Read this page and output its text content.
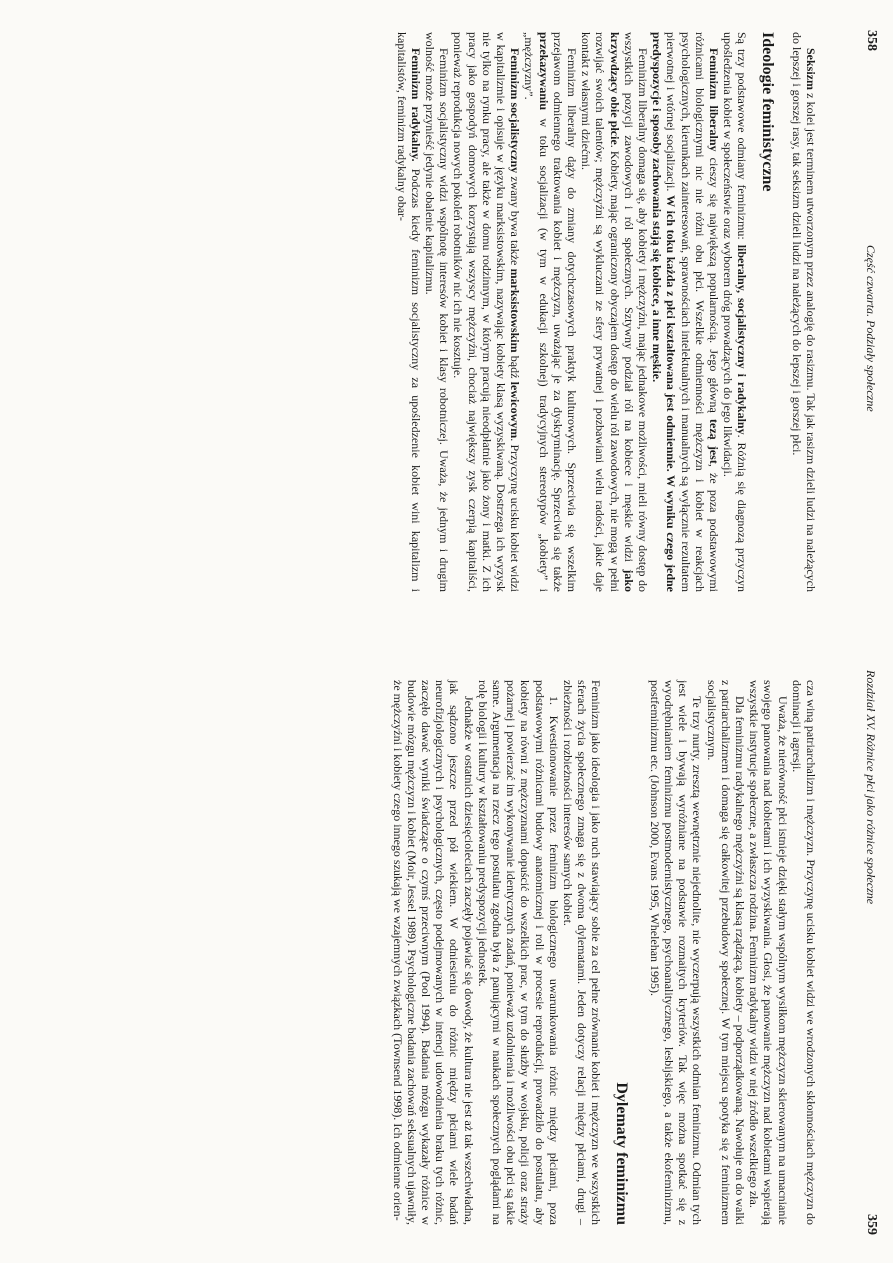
358
Część czwarta. Podziały społeczne

Seksizm z kolei jest terminem utworzonym przez analogię do rasizmu. Tak jak rasizm dzieli ludzi na należących do lepszej i gorszej rasy, tak seksizm dzieli ludzi na należących do lepszej i gorszej płci.

Ideologie feministyczne

Są trzy podstawowe odmiany feminizmu: liberalny, socjalistyczny i radykalny. Różnią się diagnozą przyczyn upośledzenia kobiet w społeczeństwie oraz wyborem dróg prowadzących do jego likwidacji.

Feminizm liberalny cieszy się największą popularnością. Jego główną tezą jest, że poza podstawowymi różnicami biologicznymi nic nie różni obu płci. Wszelkie odmienności mężczyzn i kobiet w reakcjach psychologicznych, kierunkach zainteresowań, sprawnościach intelektualnych i manualnych są wyłącznie rezultatem pierwotnej i wtórnej socjalizacji. W ich toku każda z płci kształtowana jest odmiennie. W wyniku czego jedne predyspozycje i sposoby zachowania stają się kobiece, a inne męskie.

Feminizm liberalny domaga się, aby kobiety i mężczyźni, mając jednakowe możliwości, mieli równy dostęp do wszystkich pozycji zawodowych i ról społecznych. Sztywny podział ról na kobiece i męskie widzi jako krzywdzący obie płcie. Kobiety, mając ograniczony obyczajem dostęp do wielu ról zawodowych, nie mogą w pełni rozwijać swoich talentów; mężczyźni są wykluczani ze sfery prywatnej i pozbawiani wielu radości, jakie daje kontakt z własnymi dziećmi.

Feminizm liberalny dąży do zmiany dotychczasowych praktyk kulturowych. Sprzeciwia się wszelkim przejawom odmiennego traktowania kobiet i mężczyzn, uważając je za dyskryminację. Sprzeciwia się także przekazywaniu w toku socjalizacji (w tym w edukacji szkolnej) tradycyjnych stereotypów „kobiety” i „mężczyzny”.

Feminizm socjalistyczny zwany bywa także marksistowskim bądź lewicowym. Przyczynę ucisku kobiet widzi w kapitalizmie i opisuje w języku marksistowskim, nazywając kobiety klasą wyzyskiwaną. Dostrzega ich wyzysk nie tylko na rynku pracy, ale także w domu rodzinnym, w którym pracują nieodpłatnie jako żony i matki. Z ich pracy jako gospodyń domowych korzystają wszyscy mężczyźni, chociaż największy zysk czerpią kapitaliści, ponieważ reprodukcja nowych pokoleń robotników nic ich nie kosztuje.

Feminizm socjalistyczny widzi wspólnotę interesów kobiet i klasy robotniczej. Uważa, że jednym i drugim wolność może przynieść jedynie obalenie kapitalizmu.

Feminizm radykalny. Podczas kiedy feminizm socjalistyczny za upośledzenie kobiet wini kapitalizm i kapitalistów, feminizm radykalny obar-

Rozdział XV. Różnice płci jako różnice społeczne
359

cza winą patriarchalizm i mężczyzn. Przyczynę ucisku kobiet widzi we wrodzonych skłonnościach mężczyzn do dominacji i agresji.

Uważa, że nierówność płci istnieje dzięki stałym wspólnym wysiłkom mężczyzn skierowanym na umacnianie swojego panowania nad kobietami i ich wyzyskiwania. Głosi, że panowanie mężczyzn nad kobietami wspierają wszystkie instytucje społeczne, a zwłaszcza rodzina. Feminizm radykalny widzi w niej źródło wszelkiego zła.

Dla feminizmu radykalnego mężczyźni są klasą rządzącą, kobiety – podporządkowaną. Nawołuje on do walki z patriarchalizmem i domaga się całkowitej przebudowy społecznej. W tym miejscu spotyka się z feminizmem socjalistycznym.

Te trzy nurty, zresztą wewnętrznie niejednolite, nie wyczerpują wszystkich odmian feminizmu. Odmian tych jest wiele i bywają wyróżniane na podstawie rozmaitych kryteriów. Tak więc można spotkać się z wyodrębnianiem feminizmu postmodernistycznego, psychoanalitycznego, lesbijskiego, a także ekofeminizmu, postfeminizmu etc. (Johnson 2000, Evans 1995, Whelehan 1995).

Dylematy feminizmu

Feminizm jako ideologia i jako ruch stawiający sobie za cel pełne zrównanie kobiet i mężczyzn we wszystkich sferach życia społecznego zmaga się z dwoma dylematami. Jeden dotyczy relacji między płciami, drugi – zbieżności i rozbieżności interesów samych kobiet.

1. Kwestionowanie przez feminizm biologicznego uwarunkowania różnic między płciami, poza podstawowymi różnicami budowy anatomicznej i roli w procesie reprodukcji, prowadziło do postulatu, aby kobiety na równi z mężczyznami dopuścić do wszelkich prac, w tym do służby w wojsku, policji oraz straży pożarnej i powierzać im wykonywanie identycznych zadań, ponieważ uzdolnienia i możliwości obu płci są takie same. Argumentacja na rzecz tego postulatu zgodna była z panującymi w naukach społecznych poglądami na rolę biologii i kultury w kształtowaniu predyspozycji jednostek.

Jednakże w ostatnich dziesięcioleciach zaczęły pojawiać się dowody, że kultura nie jest aż tak wszechwładna, jak sądzono jeszcze przed pół wiekiem. W odniesieniu do różnic między płciami wiele badań neurofizjologicznych i psychologicznych, często podejmowanych w intencji udowodnienia braku tych różnic, zaczęło dawać wyniki świadczące o czymś przeciwnym (Pool 1994). Badania mózgu wykazały różnice w budowie mózgu mężczyzn i kobiet (Moir, Jessel 1989). Psychologiczne badania zachowań seksualnych ujawniły, że mężczyźni i kobiety czego innego szukają we wzajemnych związkach (Townsend 1998). Ich odmienne orien-
